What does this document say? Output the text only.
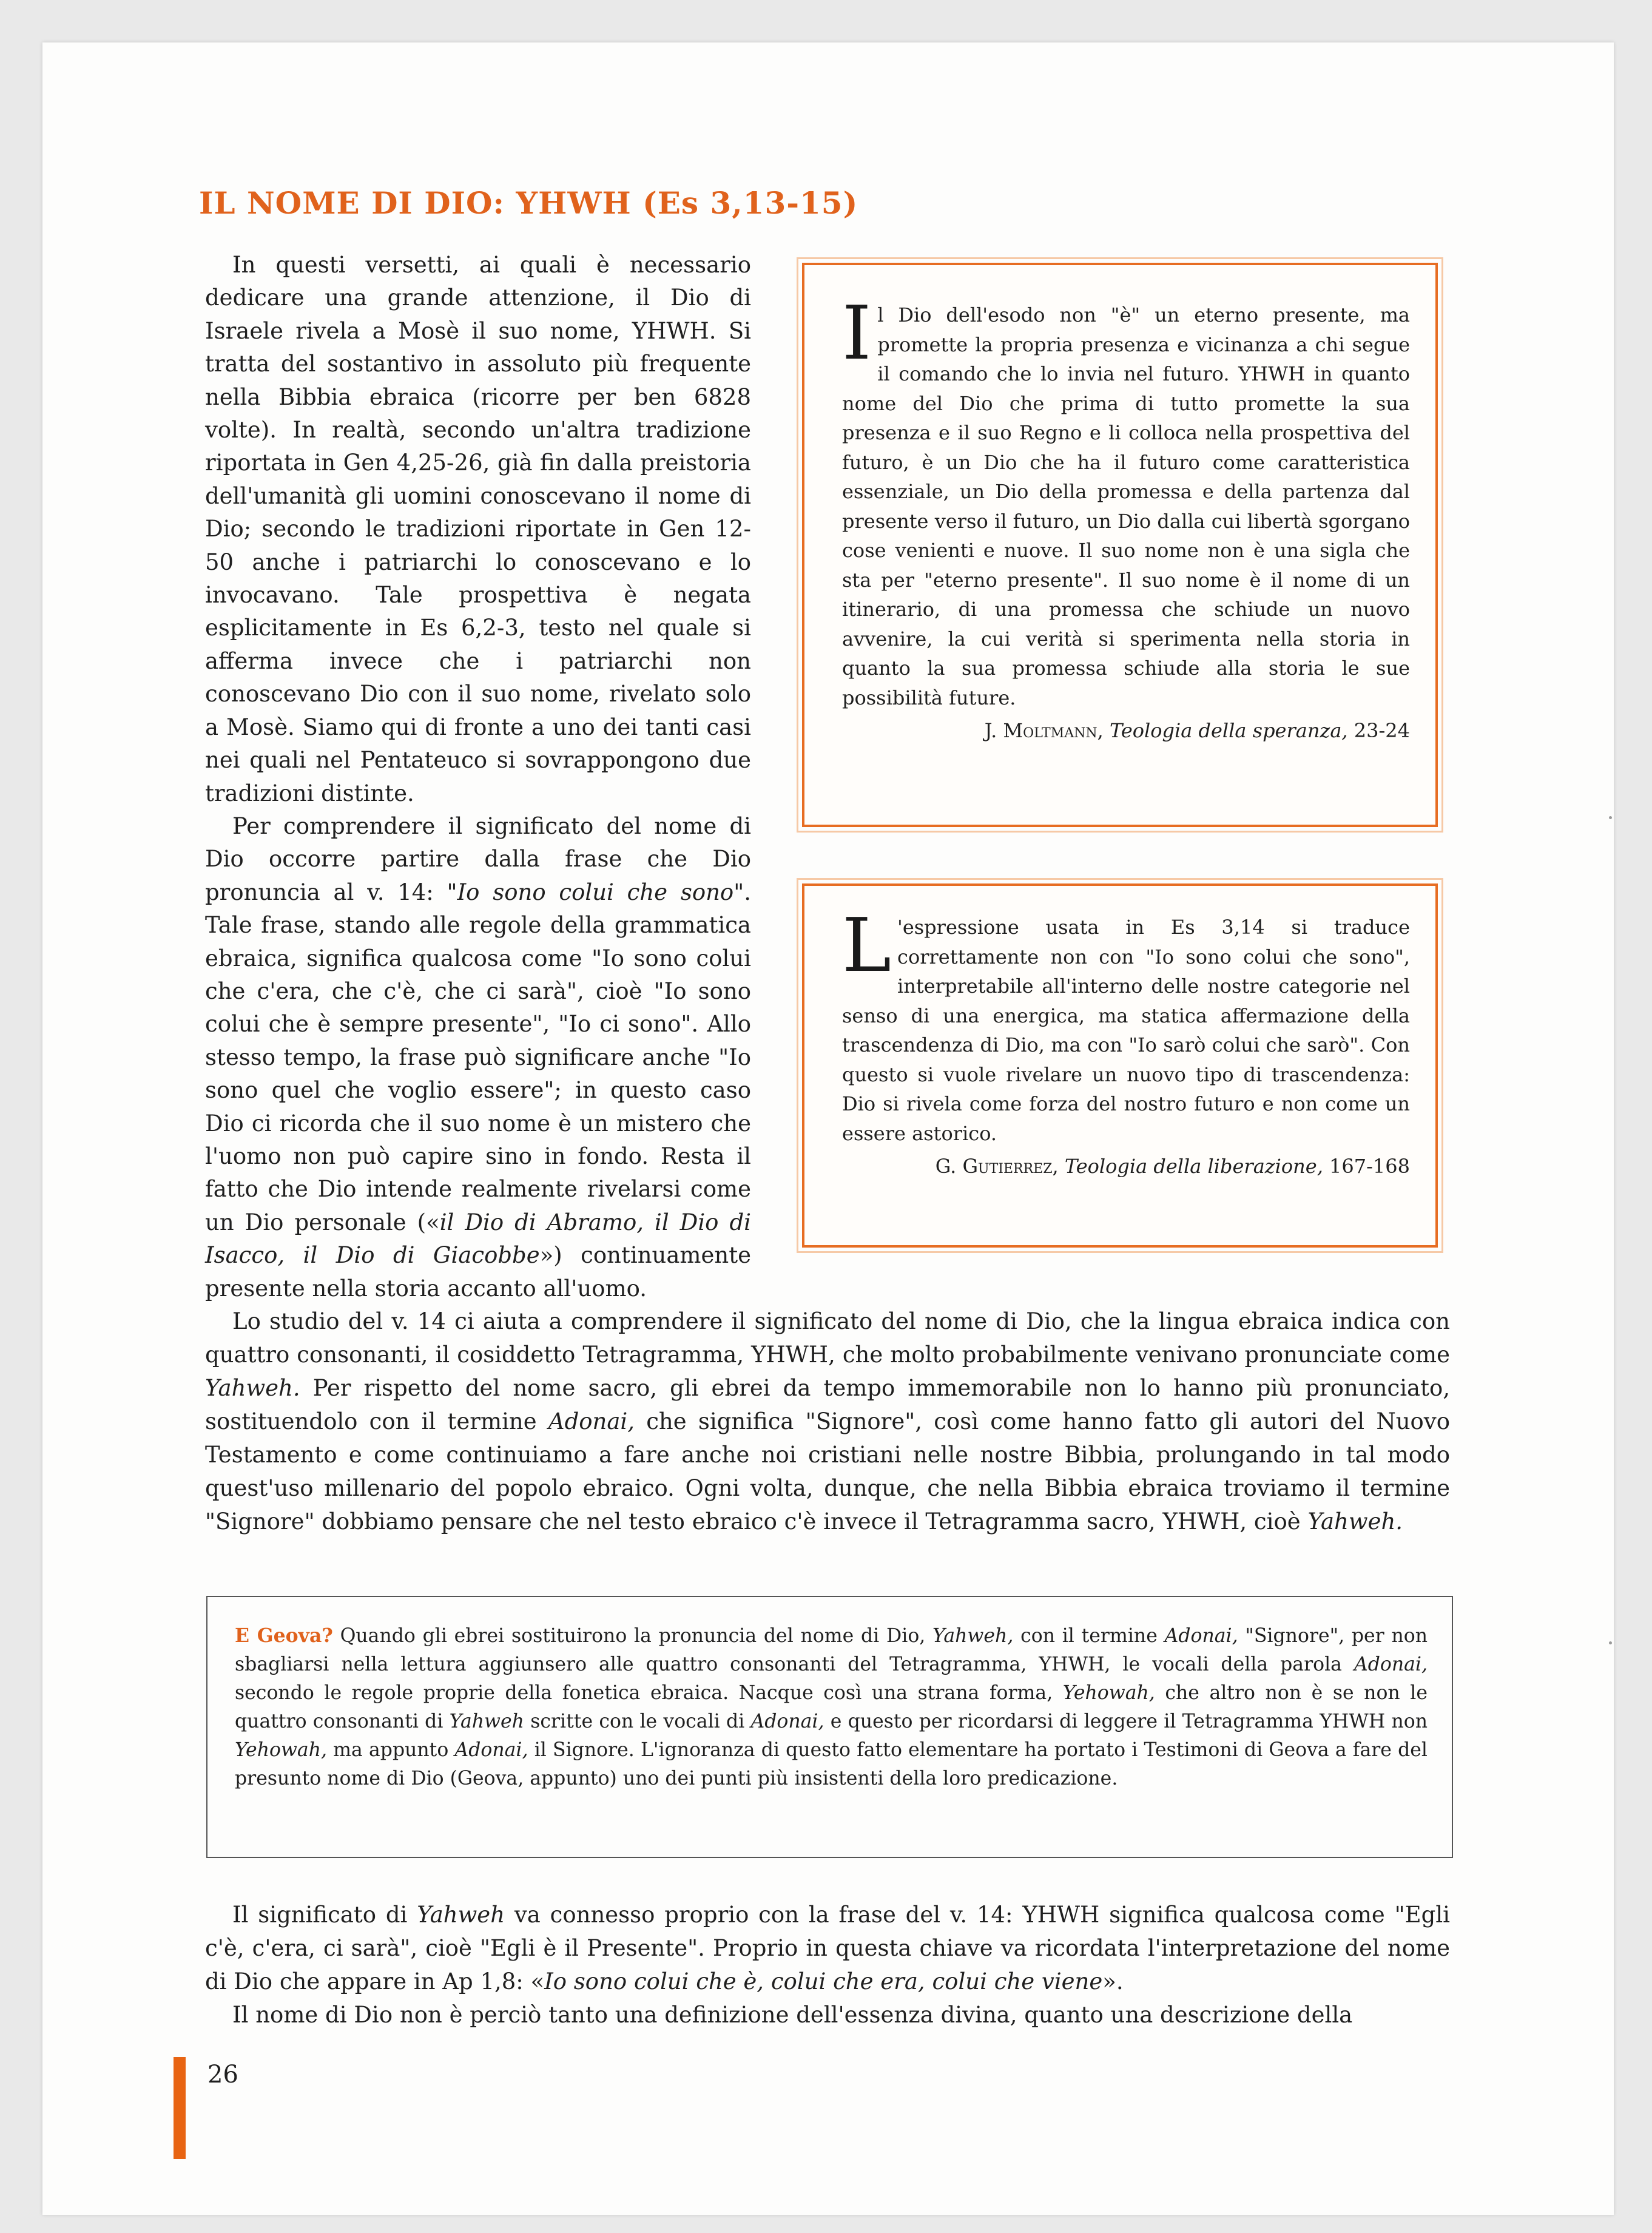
IL NOME DI DIO: YHWH (Es 3,13-15)

In questi versetti, ai quali è necessario dedicare una grande attenzione, il Dio di Israele rivela a Mosè il suo nome, YHWH. Si tratta del sostantivo in assoluto più frequente nella Bibbia ebraica (ricorre per ben 6828 volte). In realtà, secondo un'altra tradizione riportata in Gen 4,25-26, già fin dalla preistoria dell'umanità gli uomini conoscevano il nome di Dio; secondo le tradizioni riportate in Gen 12-50 anche i patriarchi lo conoscevano e lo invocavano. Tale prospettiva è negata esplicitamente in Es 6,2-3, testo nel quale si afferma invece che i patriarchi non conoscevano Dio con il suo nome, rivelato solo a Mosè. Siamo qui di fronte a uno dei tanti casi nei quali nel Pentateuco si sovrappongono due tradizioni distinte.

Per comprendere il significato del nome di Dio occorre partire dalla frase che Dio pronuncia al v. 14: "Io sono colui che sono". Tale frase, stando alle regole della grammatica ebraica, significa qualcosa come "Io sono colui che c'era, che c'è, che ci sarà", cioè "Io sono colui che è sempre presente", "Io ci sono". Allo stesso tempo, la frase può significare anche "Io sono quel che voglio essere"; in questo caso Dio ci ricorda che il suo nome è un mistero che l'uomo non può capire sino in fondo. Resta il fatto che Dio intende realmente rivelarsi come un Dio personale («il Dio di Abramo, il Dio di Isacco, il Dio di Giacobbe») continuamente presente nella storia accanto all'uomo.

Il Dio dell'esodo non "è" un eterno presente, ma promette la propria presenza e vicinanza a chi segue il comando che lo invia nel futuro. YHWH in quanto nome del Dio che prima di tutto promette la sua presenza e il suo Regno e li colloca nella prospettiva del futuro, è un Dio che ha il futuro come caratteristica essenziale, un Dio della promessa e della partenza dal presente verso il futuro, un Dio dalla cui libertà sgorgano cose venienti e nuove. Il suo nome non è una sigla che sta per "eterno presente". Il suo nome è il nome di un itinerario, di una promessa che schiude un nuovo avvenire, la cui verità si sperimenta nella storia in quanto la sua promessa schiude alla storia le sue possibilità future.

J. Moltmann, Teologia della speranza, 23-24

L 'espressione usata in Es 3,14 si traduce correttamente non con "Io sono colui che sono", interpretabile all'interno delle nostre categorie nel senso di una energica, ma statica affermazione della trascendenza di Dio, ma con "Io sarò colui che sarò". Con questo si vuole rivelare un nuovo tipo di trascendenza: Dio si rivela come forza del nostro futuro e non come un essere astorico.

G. Gutierrez, Teologia della liberazione, 167-168

Lo studio del v. 14 ci aiuta a comprendere il significato del nome di Dio, che la lingua ebraica indica con quattro consonanti, il cosiddetto Tetragramma, YHWH, che molto probabilmente venivano pronunciate come Yahweh. Per rispetto del nome sacro, gli ebrei da tempo immemorabile non lo hanno più pronunciato, sostituendolo con il termine Adonai, che significa "Signore", così come hanno fatto gli autori del Nuovo Testamento e come continuiamo a fare anche noi cristiani nelle nostre Bibbia, prolungando in tal modo quest'uso millenario del popolo ebraico. Ogni volta, dunque, che nella Bibbia ebraica troviamo il termine "Signore" dobbiamo pensare che nel testo ebraico c'è invece il Tetragramma sacro, YHWH, cioè Yahweh.

E Geova? Quando gli ebrei sostituirono la pronuncia del nome di Dio, Yahweh, con il termine Adonai, "Signore", per non sbagliarsi nella lettura aggiunsero alle quattro consonanti del Tetragramma, YHWH, le vocali della parola Adonai, secondo le regole proprie della fonetica ebraica. Nacque così una strana forma, Yehowah, che altro non è se non le quattro consonanti di Yahweh scritte con le vocali di Adonai, e questo per ricordarsi di leggere il Tetragramma YHWH non Yehowah, ma appunto Adonai, il Signore. L'ignoranza di questo fatto elementare ha portato i Testimoni di Geova a fare del presunto nome di Dio (Geova, appunto) uno dei punti più insistenti della loro predicazione.

Il significato di Yahweh va connesso proprio con la frase del v. 14: YHWH significa qualcosa come "Egli c'è, c'era, ci sarà", cioè "Egli è il Presente". Proprio in questa chiave va ricordata l'interpretazione del nome di Dio che appare in Ap 1,8: «Io sono colui che è, colui che era, colui che viene».

Il nome di Dio non è perciò tanto una definizione dell'essenza divina, quanto una descrizione della

26
